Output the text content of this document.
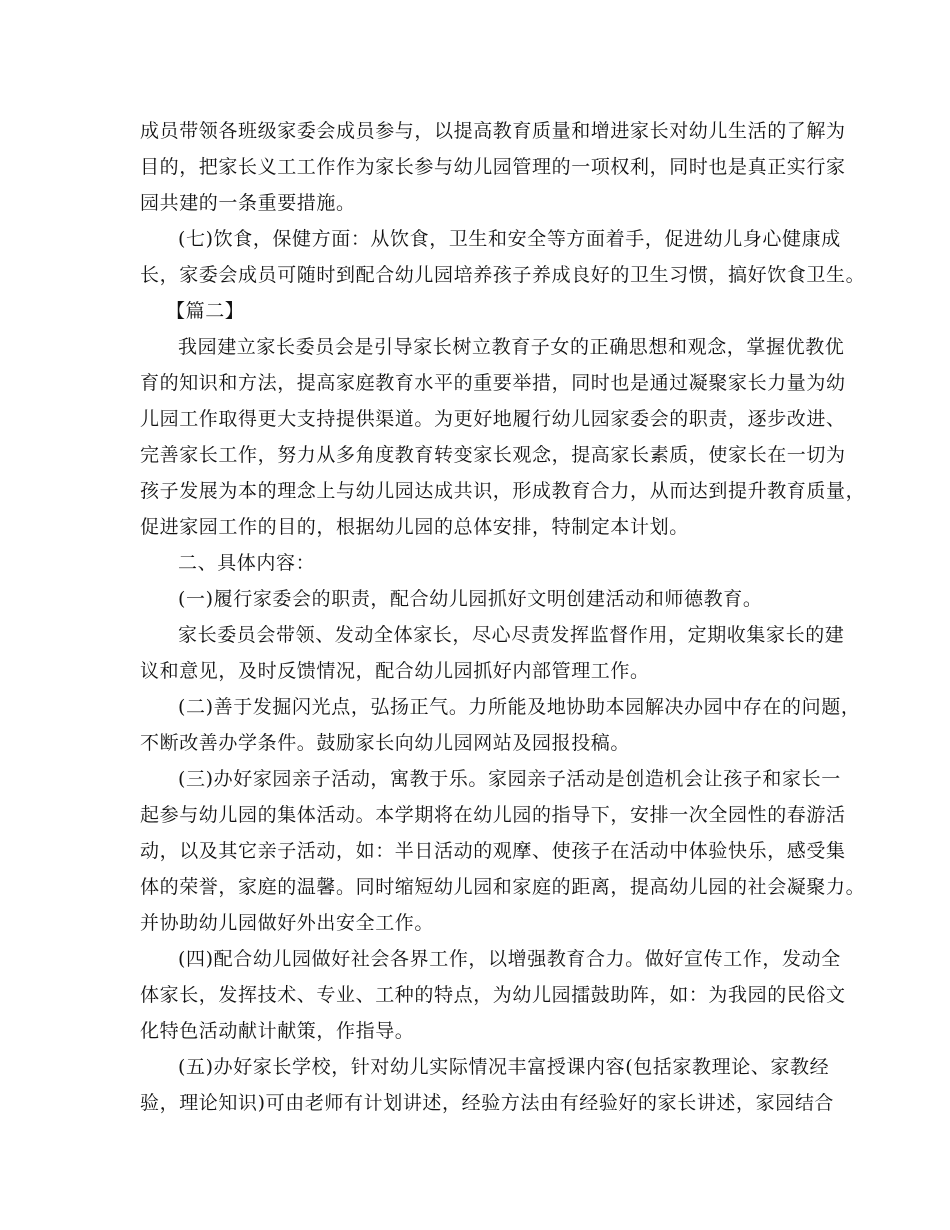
成员带领各班级家委会成员参与，以提高教育质量和增进家长对幼儿生活的了解为
目的，把家长义工工作作为家长参与幼儿园管理的一项权利，同时也是真正实行家
园共建的一条重要措施。
(七)饮食，保健方面：从饮食，卫生和安全等方面着手，促进幼儿身心健康成
长，家委会成员可随时到配合幼儿园培养孩子养成良好的卫生习惯，搞好饮食卫生。
【篇二】
我园建立家长委员会是引导家长树立教育子女的正确思想和观念，掌握优教优
育的知识和方法，提高家庭教育水平的重要举措，同时也是通过凝聚家长力量为幼
儿园工作取得更大支持提供渠道。为更好地履行幼儿园家委会的职责，逐步改进、
完善家长工作，努力从多角度教育转变家长观念，提高家长素质，使家长在一切为
孩子发展为本的理念上与幼儿园达成共识，形成教育合力，从而达到提升教育质量，
促进家园工作的目的，根据幼儿园的总体安排，特制定本计划。
二、具体内容：
(一)履行家委会的职责，配合幼儿园抓好文明创建活动和师德教育。
家长委员会带领、发动全体家长，尽心尽责发挥监督作用，定期收集家长的建
议和意见，及时反馈情况，配合幼儿园抓好内部管理工作。
(二)善于发掘闪光点，弘扬正气。力所能及地协助本园解决办园中存在的问题，
不断改善办学条件。鼓励家长向幼儿园网站及园报投稿。
(三)办好家园亲子活动，寓教于乐。家园亲子活动是创造机会让孩子和家长一
起参与幼儿园的集体活动。本学期将在幼儿园的指导下，安排一次全园性的春游活
动，以及其它亲子活动，如：半日活动的观摩、使孩子在活动中体验快乐，感受集
体的荣誉，家庭的温馨。同时缩短幼儿园和家庭的距离，提高幼儿园的社会凝聚力。
并协助幼儿园做好外出安全工作。
(四)配合幼儿园做好社会各界工作，以增强教育合力。做好宣传工作，发动全
体家长，发挥技术、专业、工种的特点，为幼儿园擂鼓助阵，如：为我园的民俗文
化特色活动献计献策，作指导。
(五)办好家长学校，针对幼儿实际情况丰富授课内容(包括家教理论、家教经
验，理论知识)可由老师有计划讲述，经验方法由有经验好的家长讲述，家园结合
